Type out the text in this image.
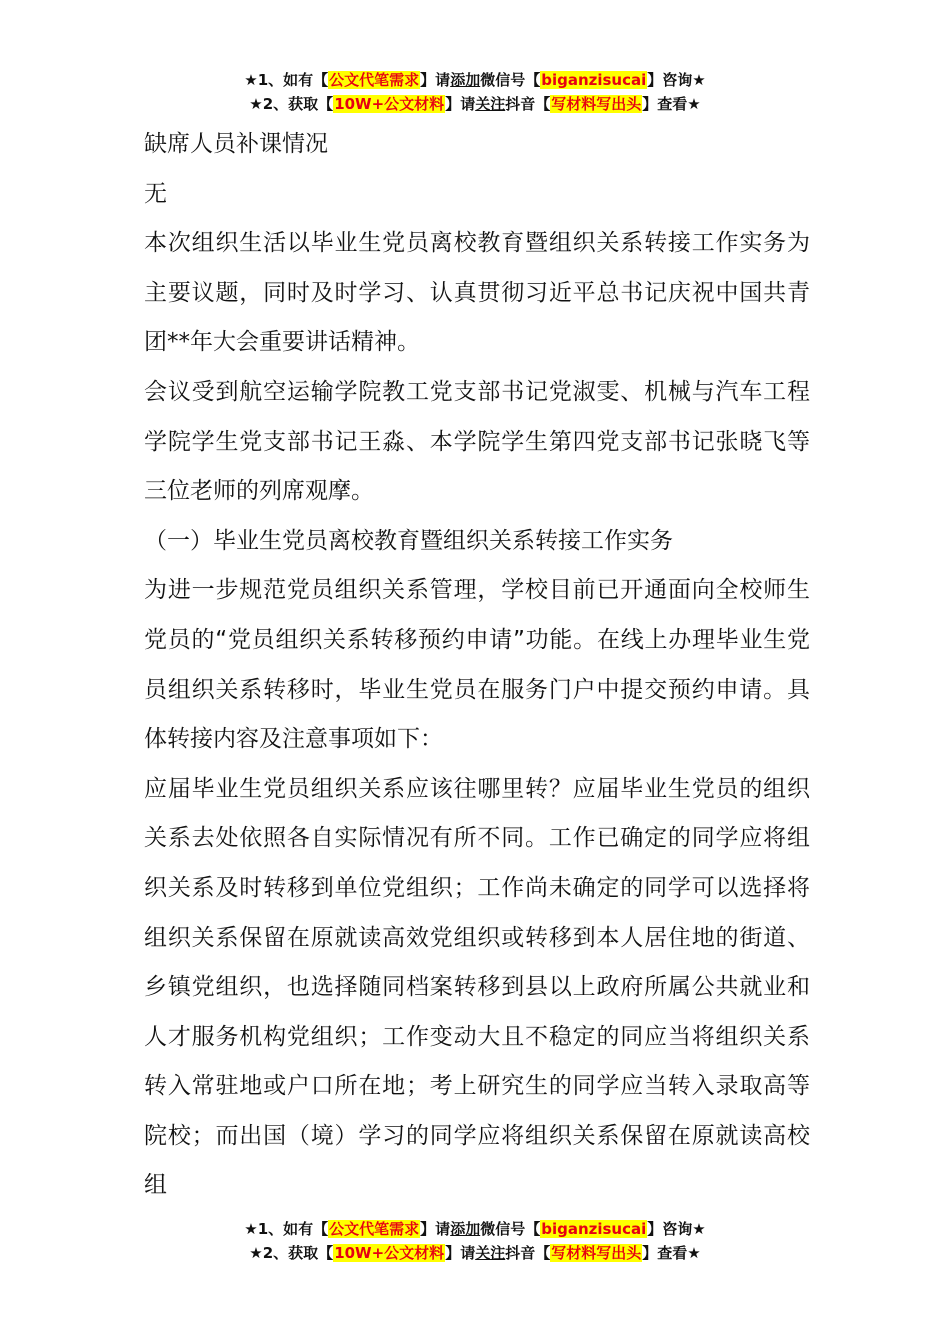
★1、如有【公文代笔需求】请添加微信号【biganzisucai】咨询★
★2、获取【10W+公文材料】请关注抖音【写材料写出头】查看★

缺席人员补课情况

无

本次组织生活以毕业生党员离校教育暨组织关系转接工作实务为主要议题，同时及时学习、认真贯彻习近平总书记庆祝中国共青团**年大会重要讲话精神。

会议受到航空运输学院教工党支部书记党淑雯、机械与汽车工程学院学生党支部书记王淼、本学院学生第四党支部书记张晓飞等三位老师的列席观摩。

（一）毕业生党员离校教育暨组织关系转接工作实务

为进一步规范党员组织关系管理，学校目前已开通面向全校师生党员的“党员组织关系转移预约申请”功能。在线上办理毕业生党员组织关系转移时，毕业生党员在服务门户中提交预约申请。具体转接内容及注意事项如下：

应届毕业生党员组织关系应该往哪里转？应届毕业生党员的组织关系去处依照各自实际情况有所不同。工作已确定的同学应将组织关系及时转移到单位党组织；工作尚未确定的同学可以选择将组织关系保留在原就读高效党组织或转移到本人居住地的街道、乡镇党组织，也选择随同档案转移到县以上政府所属公共就业和人才服务机构党组织；工作变动大且不稳定的同应当将组织关系转入常驻地或户口所在地；考上研究生的同学应当转入录取高等院校；而出国（境）学习的同学应将组织关系保留在原就读高校组

★1、如有【公文代笔需求】请添加微信号【biganzisucai】咨询★
★2、获取【10W+公文材料】请关注抖音【写材料写出头】查看★
